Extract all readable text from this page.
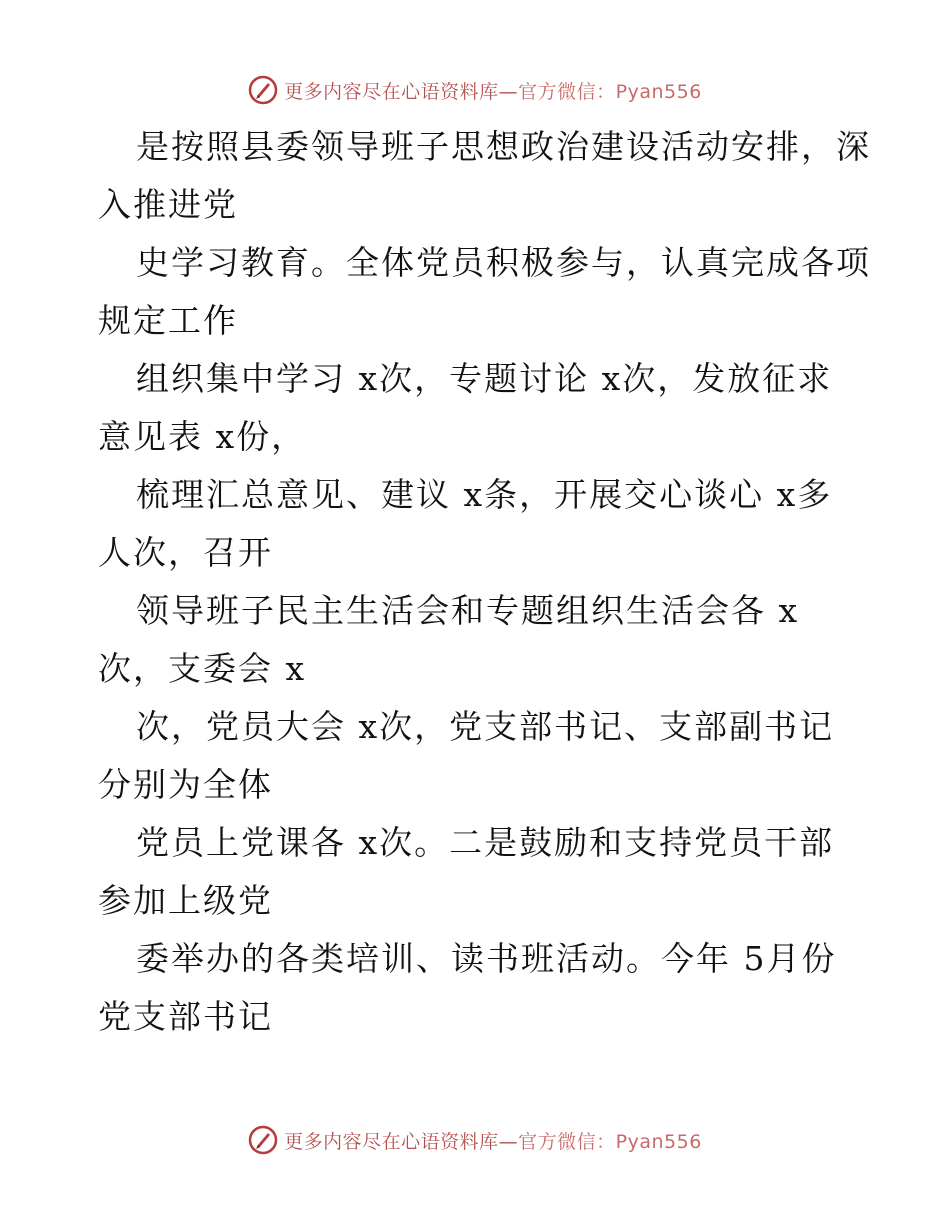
更多内容尽在心语资料库—官方微信：Pyan556
是按照县委领导班子思想政治建设活动安排，深
入推进党
史学习教育。全体党员积极参与，认真完成各项
规定工作
组织集中学习 x次，专题讨论 x次，发放征求
意见表 x份，
梳理汇总意见、建议 x条，开展交心谈心 x多
人次，召开
领导班子民主生活会和专题组织生活会各 x
次，支委会 x
次，党员大会 x次，党支部书记、支部副书记
分别为全体
党员上党课各 x次。二是鼓励和支持党员干部
参加上级党
委举办的各类培训、读书班活动。今年 5月份
党支部书记
更多内容尽在心语资料库—官方微信：Pyan556
